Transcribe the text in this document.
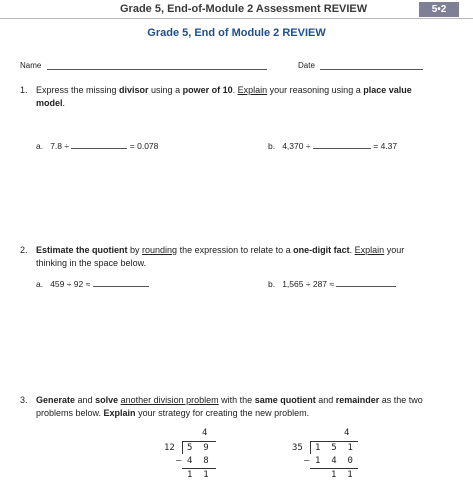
Grade 5, End-of-Module 2 Assessment REVIEW	5•2
Grade 5, End of Module 2 REVIEW
Name	Date
1. Express the missing divisor using a power of 10. Explain your reasoning using a place value
model.
a. 7.8 ÷	= 0.078	b. 4,370 ÷	= 4.37
2. Estimate the quotient by rounding the expression to relate to a one-digit fact. Explain your
thinking in the space below.
a. 459 ÷ 92 ≈	b. 1,565 ÷ 287 ≈
3. Generate and solve another division problem with the same quotient and remainder as the two
problems below. Explain your strategy for creating the new problem.
4
12 5  9
– 4  8
1  1
4
35 1  5  1
– 1  4  0
1  1
